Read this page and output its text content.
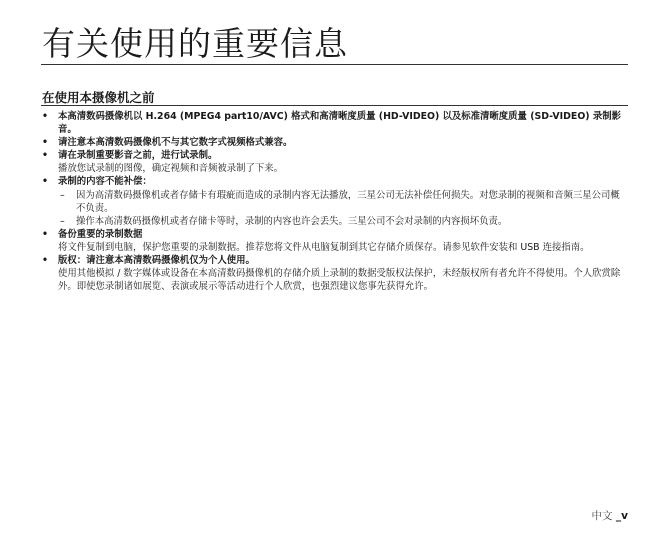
有关使用的重要信息
在使用本摄像机之前
• 本高清数码摄像机以 H.264 (MPEG4 part10/AVC) 格式和高清晰度质量 (HD-VIDEO) 以及标准清晰度质量 (SD-VIDEO) 录制影音。
• 请注意本高清数码摄像机不与其它数字式视频格式兼容。
• 请在录制重要影音之前，进行试录制。
播放您试录制的图像，确定视频和音频被录制了下来。
• 录制的内容不能补偿：
– 因为高清数码摄像机或者存储卡有瑕疵而造成的录制内容无法播放，三星公司无法补偿任何损失。对您录制的视频和音频三星公司概不负责。
– 操作本高清数码摄像机或者存储卡等时，录制的内容也许会丢失。三星公司不会对录制的内容损坏负责。
• 备份重要的录制数据
将文件复制到电脑，保护您重要的录制数据。推荐您将文件从电脑复制到其它存储介质保存。请参见软件安装和 USB 连接指南。
• 版权：请注意本高清数码摄像机仅为个人使用。
使用其他模拟 / 数字媒体或设备在本高清数码摄像机的存储介质上录制的数据受版权法保护，未经版权所有者允许不得使用。个人欣赏除外。即使您录制诸如展览、表演或展示等活动进行个人欣赏，也强烈建议您事先获得允许。
中文 _v
